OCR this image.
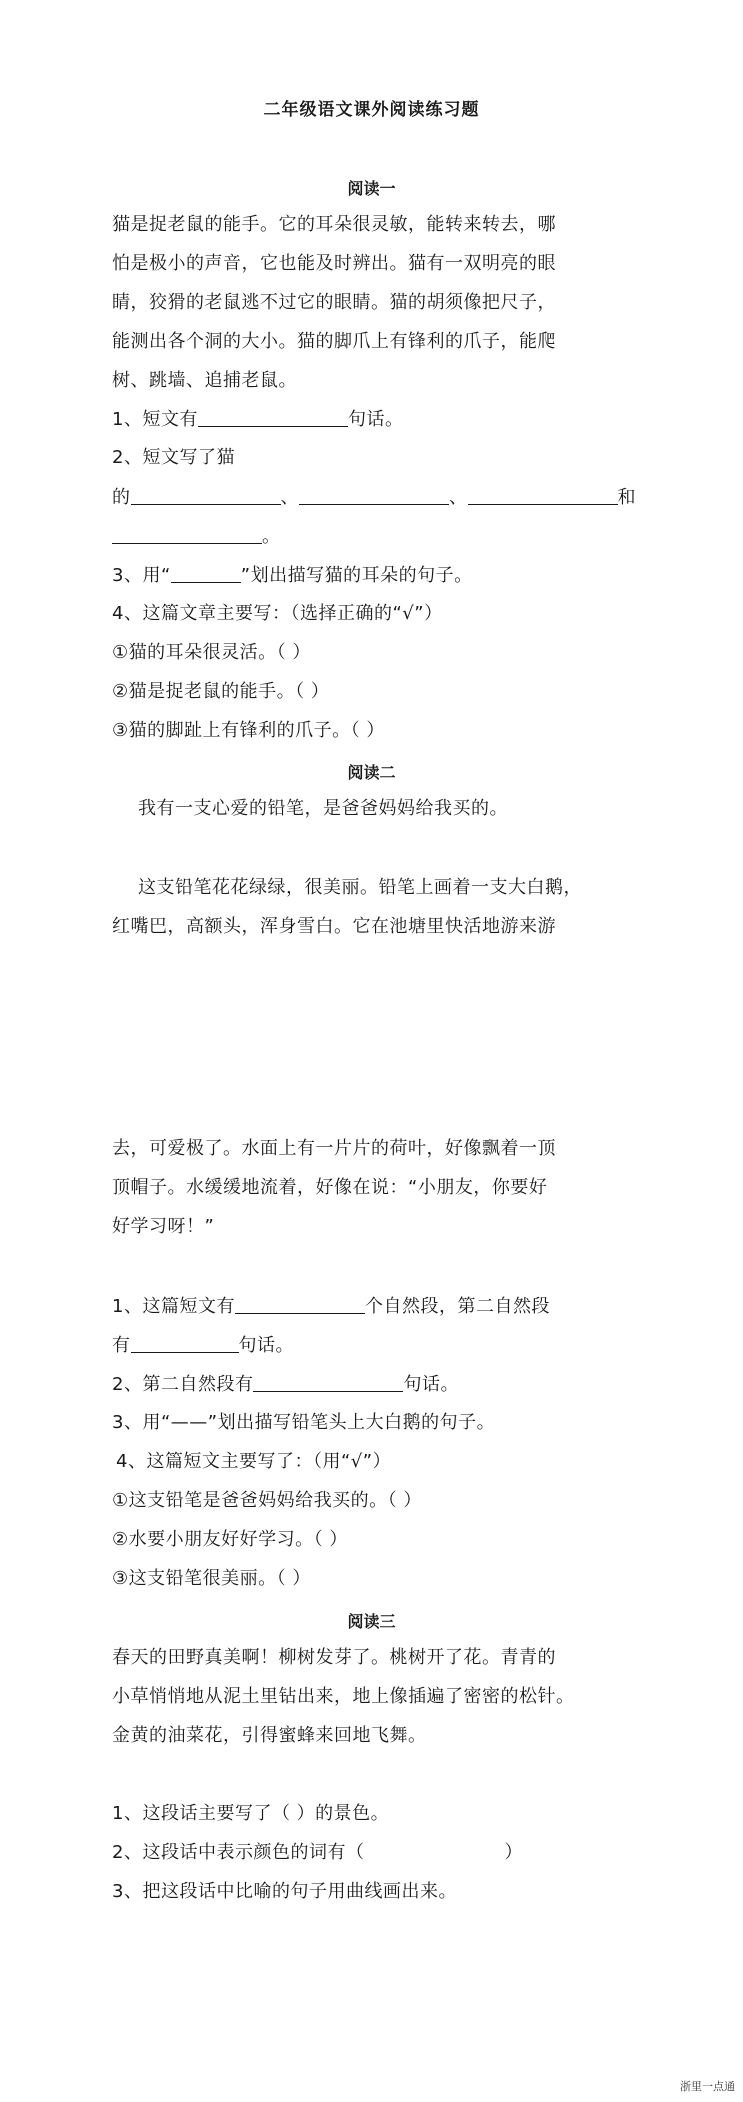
二年级语文课外阅读练习题
阅读一
猫是捉老鼠的能手。它的耳朵很灵敏，能转来转去，哪
怕是极小的声音，它也能及时辨出。猫有一双明亮的眼
睛，狡猾的老鼠逃不过它的眼睛。猫的胡须像把尺子，
能测出各个洞的大小。猫的脚爪上有锋利的爪子，能爬
树、跳墙、追捕老鼠。
1、短文有	句话。
2、短文写了猫
的	、	、	和
。
3、用“	”划出描写猫的耳朵的句子。
4、这篇文章主要写：（选择正确的“√”）
①猫的耳朵很灵活。（ ）
②猫是捉老鼠的能手。（ ）
③猫的脚趾上有锋利的爪子。（ ）
阅读二
我有一支心爱的铅笔，是爸爸妈妈给我买的。
这支铅笔花花绿绿，很美丽。铅笔上画着一支大白鹅，
红嘴巴，高额头，浑身雪白。它在池塘里快活地游来游
去，可爱极了。水面上有一片片的荷叶，好像飘着一顶
顶帽子。水缓缓地流着，好像在说：“小朋友，你要好
好学习呀！”
1、这篇短文有	个自然段，第二自然段
有	句话。
2、第二自然段有	句话。
3、用“——”划出描写铅笔头上大白鹅的句子。
4、这篇短文主要写了：（用“√”）
①这支铅笔是爸爸妈妈给我买的。（ ）
②水要小朋友好好学习。（ ）
③这支铅笔很美丽。（ ）
阅读三
春天的田野真美啊！柳树发芽了。桃树开了花。青青的
小草悄悄地从泥土里钻出来，地上像插遍了密密的松针。
金黄的油菜花，引得蜜蜂来回地飞舞。
1、这段话主要写了（ ）的景色。
2、这段话中表示颜色的词有（	）
3、把这段话中比喻的句子用曲线画出来。
浙里一点通
